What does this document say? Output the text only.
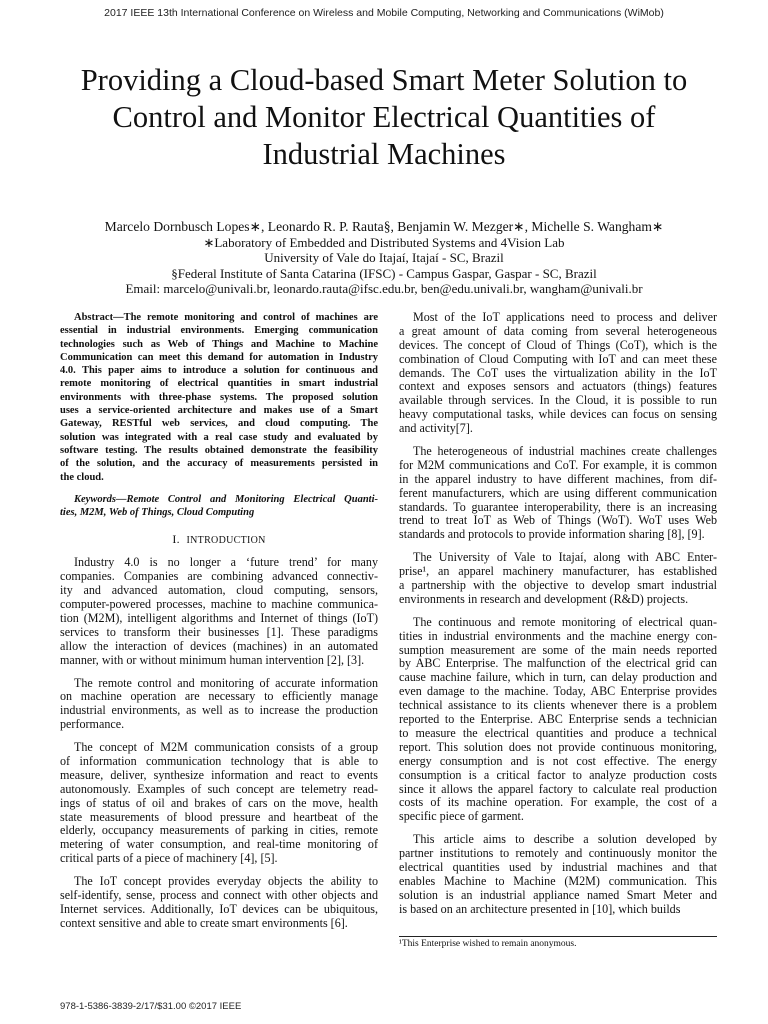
2017 IEEE 13th International Conference on Wireless and Mobile Computing, Networking and Communications (WiMob)
Providing a Cloud-based Smart Meter Solution to
Control and Monitor Electrical Quantities of
Industrial Machines
Marcelo Dornbusch Lopes∗, Leonardo R. P. Rauta§, Benjamin W. Mezger∗, Michelle S. Wangham∗
∗Laboratory of Embedded and Distributed Systems and 4Vision Lab
University of Vale do Itajaí, Itajaí - SC, Brazil
§Federal Institute of Santa Catarina (IFSC) - Campus Gaspar, Gaspar - SC, Brazil
Email: marcelo@univali.br, leonardo.rauta@ifsc.edu.br, ben@edu.univali.br, wangham@univali.br
Abstract—The remote monitoring and control of machines are
essential in industrial environments. Emerging communication
technologies such as Web of Things and Machine to Machine
Communication can meet this demand for automation in Industry
4.0. This paper aims to introduce a solution for continuous and
remote monitoring of electrical quantities in smart industrial
environments with three-phase systems. The proposed solution
uses a service-oriented architecture and makes use of a Smart
Gateway, RESTful web services, and cloud computing. The
solution was integrated with a real case study and evaluated by
software testing. The results obtained demonstrate the feasibility
of the solution, and the accuracy of measurements persisted in
the cloud.
Keywords—Remote Control and Monitoring Electrical Quanti-
ties, M2M, Web of Things, Cloud Computing
I. INTRODUCTION
Industry 4.0 is no longer a ‘future trend’ for many
companies. Companies are combining advanced connectiv-
ity and advanced automation, cloud computing, sensors,
computer-powered processes, machine to machine communica-
tion (M2M), intelligent algorithms and Internet of things (IoT)
services to transform their businesses [1]. These paradigms
allow the interaction of devices (machines) in an automated
manner, with or without minimum human intervention [2], [3].
The remote control and monitoring of accurate information
on machine operation are necessary to efficiently manage
industrial environments, as well as to increase the production
performance.
The concept of M2M communication consists of a group
of information communication technology that is able to
measure, deliver, synthesize information and react to events
autonomously. Examples of such concept are telemetry read-
ings of status of oil and brakes of cars on the move, health
state measurements of blood pressure and heartbeat of the
elderly, occupancy measurements of parking in cities, remote
metering of water consumption, and real-time monitoring of
critical parts of a piece of machinery [4], [5].
The IoT concept provides everyday objects the ability to
self-identify, sense, process and connect with other objects and
Internet services. Additionally, IoT devices can be ubiquitous,
context sensitive and able to create smart environments [6].
Most of the IoT applications need to process and deliver
a great amount of data coming from several heterogeneous
devices. The concept of Cloud of Things (CoT), which is the
combination of Cloud Computing with IoT and can meet these
demands. The CoT uses the virtualization ability in the IoT
context and exposes sensors and actuators (things) features
available through services. In the Cloud, it is possible to run
heavy computational tasks, while devices can focus on sensing
and activity[7].
The heterogeneous of industrial machines create challenges
for M2M communications and CoT. For example, it is common
in the apparel industry to have different machines, from dif-
ferent manufacturers, which are using different communication
standards. To guarantee interoperability, there is an increasing
trend to treat IoT as Web of Things (WoT). WoT uses Web
standards and protocols to provide information sharing [8], [9].
The University of Vale to Itajaí, along with ABC Enter-
prise¹, an apparel machinery manufacturer, has established
a partnership with the objective to develop smart industrial
environments in research and development (R&D) projects.
The continuous and remote monitoring of electrical quan-
tities in industrial environments and the machine energy con-
sumption measurement are some of the main needs reported
by ABC Enterprise. The malfunction of the electrical grid can
cause machine failure, which in turn, can delay production and
even damage to the machine. Today, ABC Enterprise provides
technical assistance to its clients whenever there is a problem
reported to the Enterprise. ABC Enterprise sends a technician
to measure the electrical quantities and produce a technical
report. This solution does not provide continuous monitoring,
energy consumption and is not cost effective. The energy
consumption is a critical factor to analyze production costs
since it allows the apparel factory to calculate real production
costs of its machine operation. For example, the cost of a
specific piece of garment.
This article aims to describe a solution developed by
partner institutions to remotely and continuously monitor the
electrical quantities used by industrial machines and that
enables Machine to Machine (M2M) communication. This
solution is an industrial appliance named Smart Meter and
is based on an architecture presented in [10], which builds
¹This Enterprise wished to remain anonymous.
978-1-5386-3839-2/17/$31.00 ©2017 IEEE
